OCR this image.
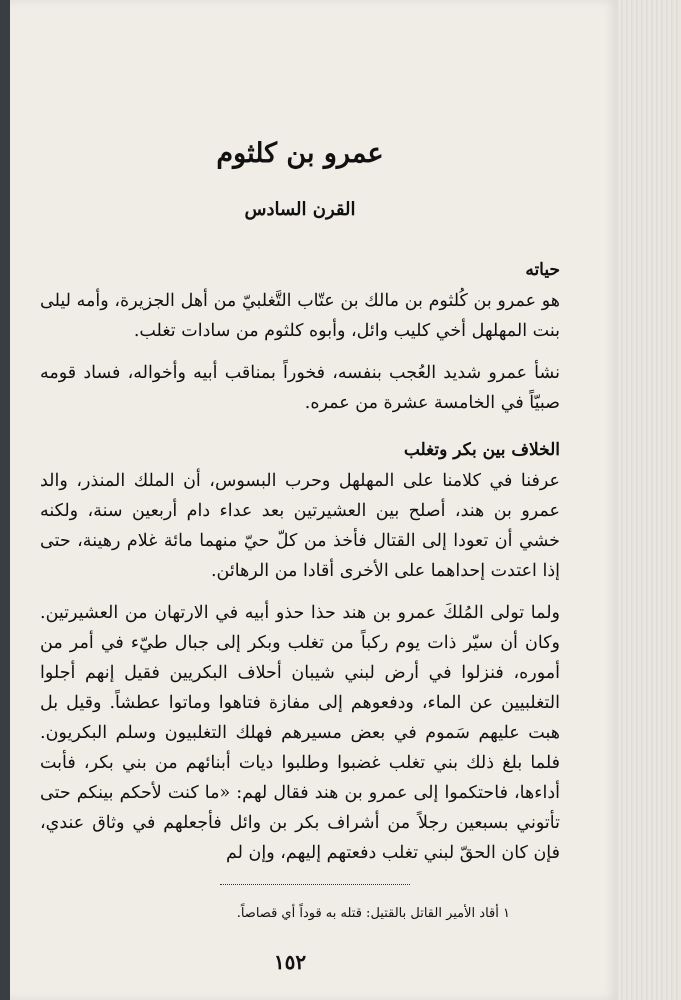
عمرو بن كلثوم
القرن السادس
حياته

هو عمرو بن كُلثوم بن مالك بن عتّاب التَّغلبيّ من أهل الجزيرة، وأمه ليلى بنت المهلهل أخي كليب وائل، وأبوه كلثوم من سادات تغلب.

نشأ عمرو شديد العُجب بنفسه، فخوراً بمناقب أبيه وأخواله، فساد قومه صبيّاً في الخامسة عشرة من عمره.

الخلاف بين بكر وتغلب

عرفنا في كلامنا على المهلهل وحرب البسوس، أن الملك المنذر، والد عمرو بن هند، أصلح بين العشيرتين بعد عداء دام أربعين سنة، ولكنه خشي أن تعودا إلى القتال فأخذ من كلّ حيّ منهما مائة غلام رهينة، حتى إذا اعتدت إحداهما على الأخرى أقادا من الرهائن.

ولما تولى المُلكَ عمرو بن هند حذا حذو أبيه في الارتهان من العشيرتين. وكان أن سيّر ذات يوم ركباً من تغلب وبكر إلى جبال طيّء في أمر من أموره، فنزلوا في أرض لبني شيبان أحلاف البكريين فقيل إنهم أجلوا التغلبيين عن الماء، ودفعوهم إلى مفازة فتاهوا وماتوا عطشاً. وقيل بل هبت عليهم سَموم في بعض مسيرهم فهلك التغلبيون وسلم البكريون. فلما بلغ ذلك بني تغلب غضبوا وطلبوا ديات أبنائهم من بني بكر، فأبت أداءها، فاحتكموا إلى عمرو بن هند فقال لهم: «ما كنت لأحكم بينكم حتى تأتوني بسبعين رجلاً من أشراف بكر بن وائل فأجعلهم في وثاق عندي، فإن كان الحقّ لبني تغلب دفعتهم إليهم، وإن لم

١ أقاد الأمير القاتل بالقتيل: قتله به قوداً أي قصاصاً.
١٥٢
